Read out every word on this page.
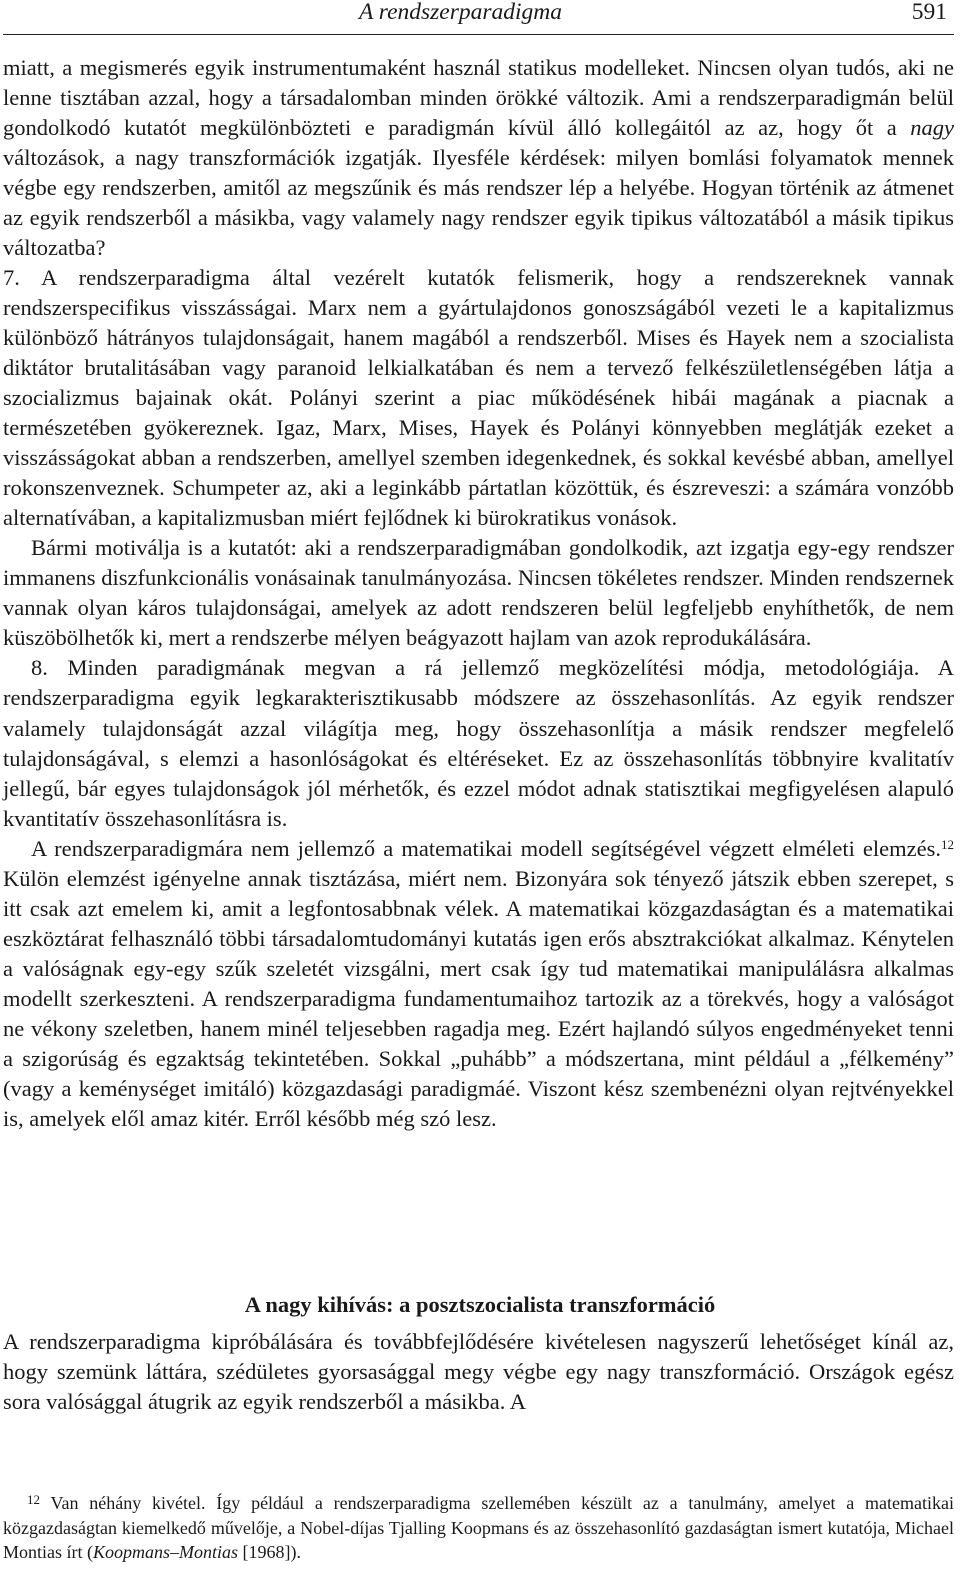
A rendszerparadigma	591

miatt, a megismerés egyik instrumentumaként használ statikus modelleket. Nincsen olyan tudós, aki ne lenne tisztában azzal, hogy a társadalomban minden örökké változik. Ami a rendszerparadigmán belül gondolkodó kutatót megkülönbözteti e paradigmán kívül álló kollegáitól az az, hogy őt a nagy változások, a nagy transzformációk izgatják. Ilyesféle kérdések: milyen bomlási folyamatok mennek végbe egy rendszerben, amitől az megszűnik és más rendszer lép a helyébe. Hogyan történik az átmenet az egyik rendszerből a másikba, vagy valamely nagy rendszer egyik tipikus változatából a másik tipikus változatba?

7. A rendszerparadigma által vezérelt kutatók felismerik, hogy a rendszereknek vannak rendszerspecifikus visszásságai. Marx nem a gyártulajdonos gonoszságából vezeti le a kapitalizmus különböző hátrányos tulajdonságait, hanem magából a rendszerből. Mises és Hayek nem a szocialista diktátor brutalitásában vagy paranoid lelkialkatában és nem a tervező felkészületlenségében látja a szocializmus bajainak okát. Polányi szerint a piac működésének hibái magának a piacnak a természetében gyökereznek. Igaz, Marx, Mises, Hayek és Polányi könnyebben meglátják ezeket a visszásságokat abban a rendszerben, amellyel szemben idegenkednek, és sokkal kevésbé abban, amellyel rokonszenveznek. Schumpeter az, aki a leginkább pártatlan közöttük, és észreveszi: a számára vonzóbb alternatívában, a kapitalizmusban miért fejlődnek ki bürokratikus vonások.

Bármi motiválja is a kutatót: aki a rendszerparadigmában gondolkodik, azt izgatja egy-egy rendszer immanens diszfunkcionális vonásainak tanulmányozása. Nincsen tökéletes rendszer. Minden rendszernek vannak olyan káros tulajdonságai, amelyek az adott rendszeren belül legfeljebb enyhíthetők, de nem küszöbölhetők ki, mert a rendszerbe mélyen beágyazott hajlam van azok reprodukálására.

8. Minden paradigmának megvan a rá jellemző megközelítési módja, metodológiája. A rendszerparadigma egyik legkarakterisztikusabb módszere az összehasonlítás. Az egyik rendszer valamely tulajdonságát azzal világítja meg, hogy összehasonlítja a másik rendszer megfelelő tulajdonságával, s elemzi a hasonlóságokat és eltéréseket. Ez az összehasonlítás többnyire kvalitatív jellegű, bár egyes tulajdonságok jól mérhetők, és ezzel módot adnak statisztikai megfigyelésen alapuló kvantitatív összehasonlításra is.

A rendszerparadigmára nem jellemző a matematikai modell segítségével végzett elméleti elemzés.$^{12}$ Külön elemzést igényelne annak tisztázása, miért nem. Bizonyára sok tényező játszik ebben szerepet, s itt csak azt emelem ki, amit a legfontosabbnak vélek. A matematikai közgazdaságtan és a matematikai eszköztárat felhasználó többi társadalomtudományi kutatás igen erős absztrakciókat alkalmaz. Kénytelen a valóságnak egy-egy szűk szeletét vizsgálni, mert csak így tud matematikai manipulálásra alkalmas modellt szerkeszteni. A rendszerparadigma fundamentumaihoz tartozik az a törekvés, hogy a valóságot ne vékony szeletben, hanem minél teljesebben ragadja meg. Ezért hajlandó súlyos engedményeket tenni a szigorúság és egzaktság tekintetében. Sokkal „puhább” a módszertana, mint például a „félkemény” (vagy a keménységet imitáló) közgazdasági paradigmáé. Viszont kész szembenézni olyan rejtvényekkel is, amelyek elől amaz kitér. Erről később még szó lesz.

A nagy kihívás: a posztszocialista transzformáció

A rendszerparadigma kipróbálására és továbbfejlődésére kivételesen nagyszerű lehetőséget kínál az, hogy szemünk láttára, szédületes gyorsasággal megy végbe egy nagy transzformáció. Országok egész sora valósággal átugrik az egyik rendszerből a másikba. A

$^{12}$ Van néhány kivétel. Így például a rendszerparadigma szellemében készült az a tanulmány, amelyet a matematikai közgazdaságtan kiemelkedő művelője, a Nobel-díjas Tjalling Koopmans és az összehasonlító gazdaságtan ismert kutatója, Michael Montias írt (Koopmans–Montias [1968]).
